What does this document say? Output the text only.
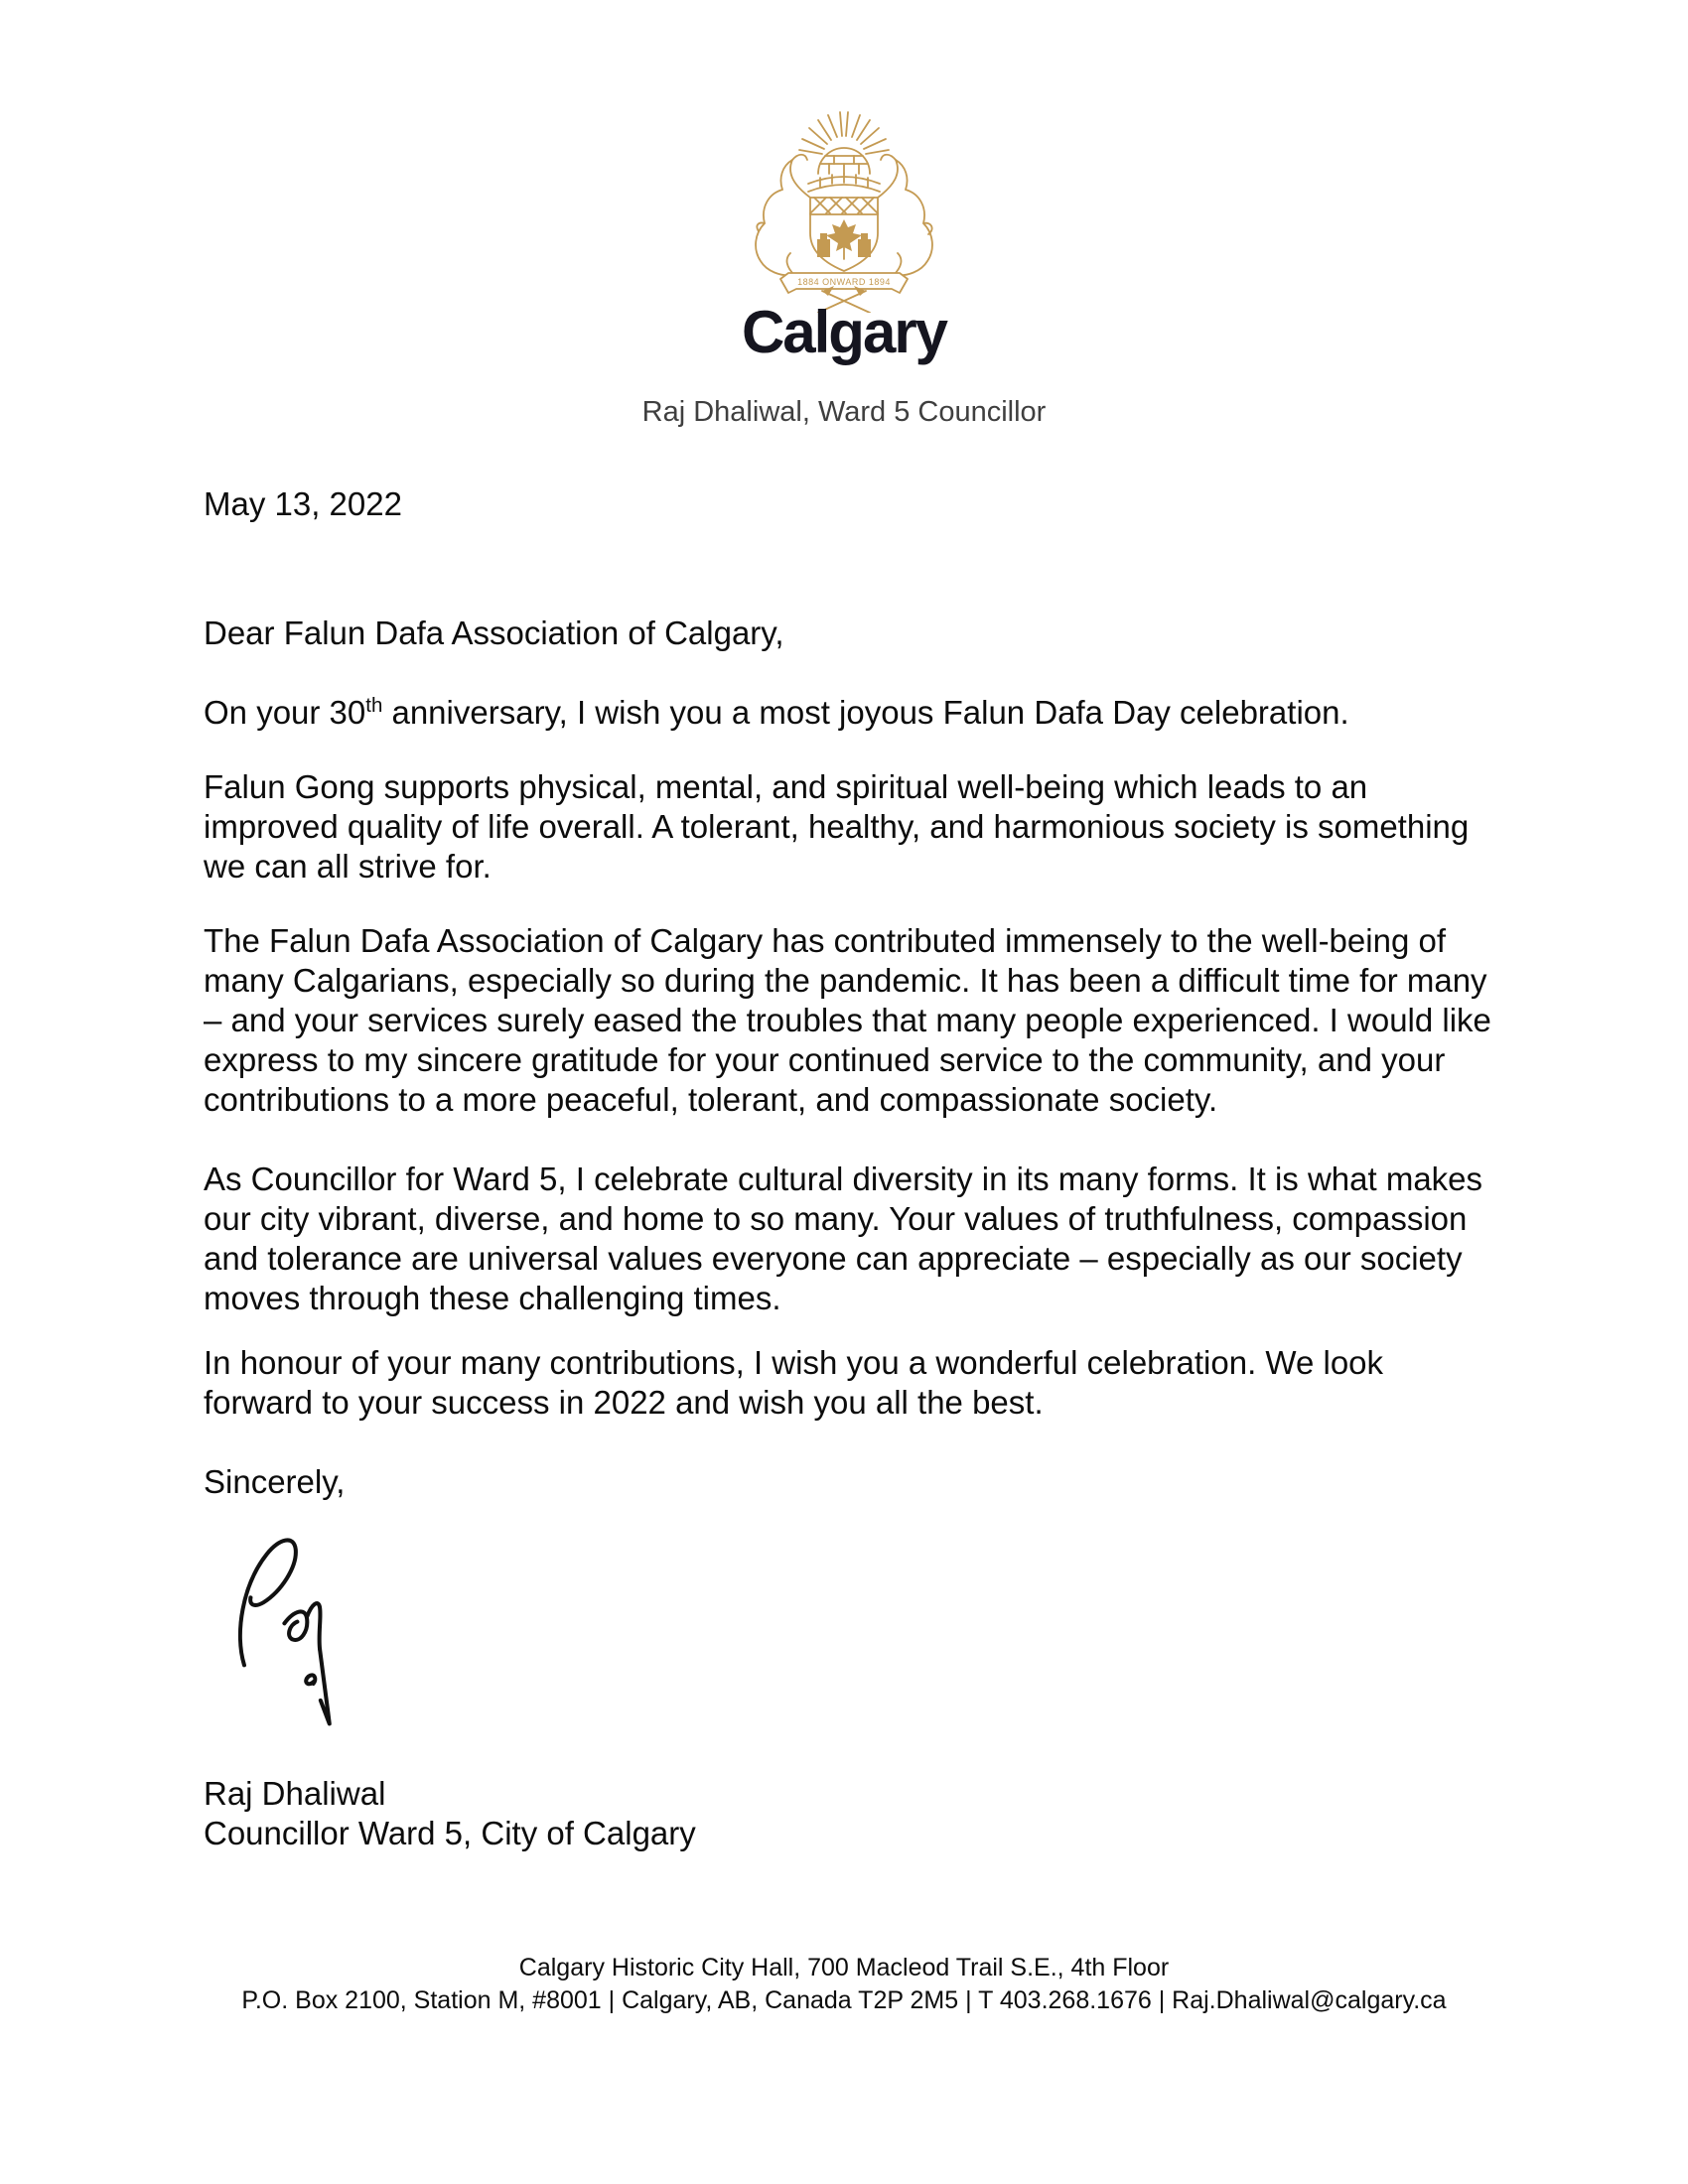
1884 ONWARD 1894
Calgary
Raj Dhaliwal, Ward 5 Councillor

May 13, 2022

Dear Falun Dafa Association of Calgary,

On your 30th anniversary, I wish you a most joyous Falun Dafa Day celebration.

Falun Gong supports physical, mental, and spiritual well-being which leads to an improved quality of life overall. A tolerant, healthy, and harmonious society is something we can all strive for.

The Falun Dafa Association of Calgary has contributed immensely to the well-being of many Calgarians, especially so during the pandemic. It has been a difficult time for many – and your services surely eased the troubles that many people experienced. I would like express to my sincere gratitude for your continued service to the community, and your contributions to a more peaceful, tolerant, and compassionate society.

As Councillor for Ward 5, I celebrate cultural diversity in its many forms. It is what makes our city vibrant, diverse, and home to so many. Your values of truthfulness, compassion and tolerance are universal values everyone can appreciate – especially as our society moves through these challenging times.

In honour of your many contributions, I wish you a wonderful celebration. We look forward to your success in 2022 and wish you all the best.

Sincerely,

Raj Dhaliwal
Councillor Ward 5, City of Calgary
Calgary Historic City Hall, 700 Macleod Trail S.E., 4th Floor
P.O. Box 2100, Station M, #8001 | Calgary, AB, Canada T2P 2M5 | T 403.268.1676 | Raj.Dhaliwal@calgary.ca
